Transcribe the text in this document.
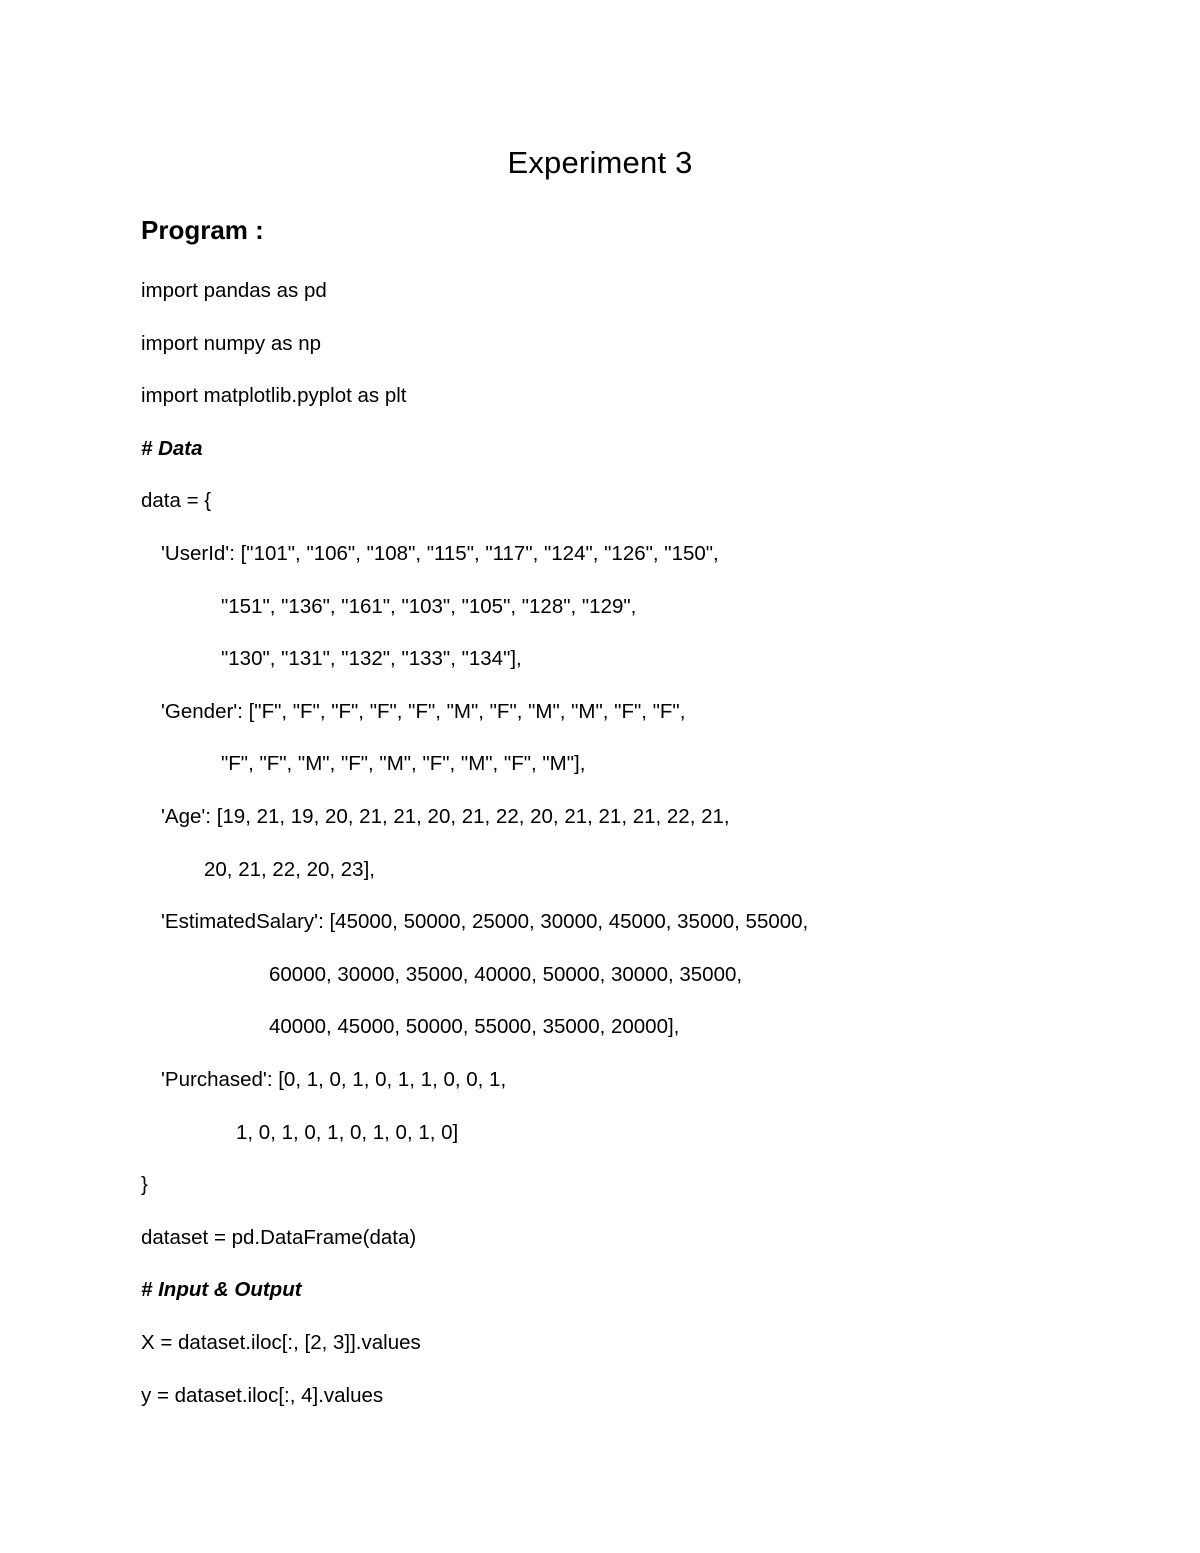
Experiment 3
Program :
import pandas as pd
import numpy as np
import matplotlib.pyplot as plt
# Data
data = {
'UserId': ["101", "106", "108", "115", "117", "124", "126", "150",
"151", "136", "161", "103", "105", "128", "129",
"130", "131", "132", "133", "134"],
'Gender': ["F", "F", "F", "F", "F", "M", "F", "M", "M", "F", "F",
"F", "F", "M", "F", "M", "F", "M", "F", "M"],
'Age': [19, 21, 19, 20, 21, 21, 20, 21, 22, 20, 21, 21, 21, 22, 21,
20, 21, 22, 20, 23],
'EstimatedSalary': [45000, 50000, 25000, 30000, 45000, 35000, 55000,
60000, 30000, 35000, 40000, 50000, 30000, 35000,
40000, 45000, 50000, 55000, 35000, 20000],
'Purchased': [0, 1, 0, 1, 0, 1, 1, 0, 0, 1,
1, 0, 1, 0, 1, 0, 1, 0, 1, 0]
}
dataset = pd.DataFrame(data)
# Input & Output
X = dataset.iloc[:, [2, 3]].values
y = dataset.iloc[:, 4].values
